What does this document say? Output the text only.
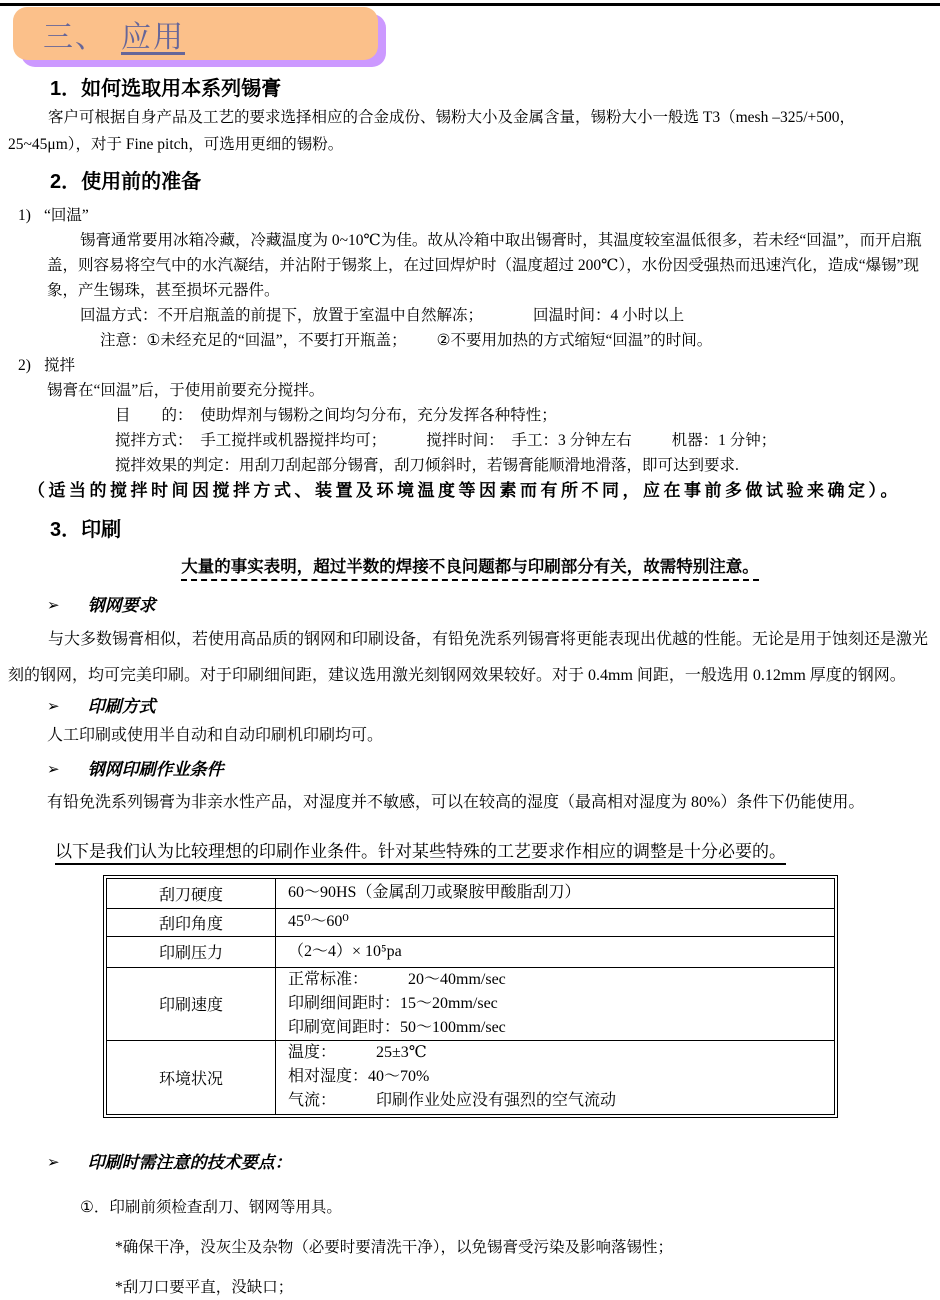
三、 应用

1．如何选取用本系列锡膏

客户可根据自身产品及工艺的要求选择相应的合金成份、锡粉大小及金属含量，锡粉大小一般选 T3（mesh –325/+500，25~45μm），对于 Fine pitch，可选用更细的锡粉。

2．使用前的准备

1) “回温”

锡膏通常要用冰箱冷藏，冷藏温度为 0~10℃为佳。故从冷箱中取出锡膏时，其温度较室温低很多，若未经“回温”，而开启瓶盖，则容易将空气中的水汽凝结，并沾附于锡浆上，在过回焊炉时（温度超过 200℃），水份因受强热而迅速汽化，造成“爆锡”现象，产生锡珠，甚至损坏元器件。

回温方式：不开启瓶盖的前提下，放置于室温中自然解冻；	回温时间：4 小时以上
注意：①未经充足的“回温”，不要打开瓶盖； ②不要用加热的方式缩短“回温”的时间。
2) 搅拌
锡膏在“回温”后，于使用前要充分搅拌。
目　　的：　使助焊剂与锡粉之间均匀分布，充分发挥各种特性；
搅拌方式：　手工搅拌或机器搅拌均可；	搅拌时间：　手工：3 分钟左右	机器：1 分钟；
搅拌效果的判定：用刮刀刮起部分锡膏，刮刀倾斜时，若锡膏能顺滑地滑落，即可达到要求.
（适当的搅拌时间因搅拌方式、装置及环境温度等因素而有所不同，应在事前多做试验来确定）。

3．印刷

大量的事实表明，超过半数的焊接不良问题都与印刷部分有关，故需特别注意。
➢ 钢网要求

与大多数锡膏相似，若使用高品质的钢网和印刷设备，有铅免洗系列锡膏将更能表现出优越的性能。无论是用于蚀刻还是激光刻的钢网，均可完美印刷。对于印刷细间距，建议选用激光刻钢网效果较好。对于 0.4mm 间距，一般选用 0.12mm 厚度的钢网。

➢ 印刷方式

人工印刷或使用半自动和自动印刷机印刷均可。

➢ 钢网印刷作业条件

有铅免洗系列锡膏为非亲水性产品，对湿度并不敏感，可以在较高的湿度（最高相对湿度为 80%）条件下仍能使用。

以下是我们认为比较理想的印刷作业条件。针对某些特殊的工艺要求作相应的调整是十分必要的。
刮刀硬度	60～90HS（金属刮刀或聚胺甲酸脂刮刀）

刮印角度	45⁰～60⁰

印刷压力	（2～4）× 10⁵pa

印刷速度	正常标准：　　　20～40mm/sec
印刷细间距时：15～20mm/sec
印刷宽间距时：50～100mm/sec

环境状况	温度：　　　25±3℃
相对湿度：40～70%
气流：　　　印刷作业处应没有强烈的空气流动
➢ 印刷时需注意的技术要点：
①．印刷前须检查刮刀、钢网等用具。
*确保干净，没灰尘及杂物（必要时要清洗干净），以免锡膏受污染及影响落锡性；
*刮刀口要平直，没缺口；
